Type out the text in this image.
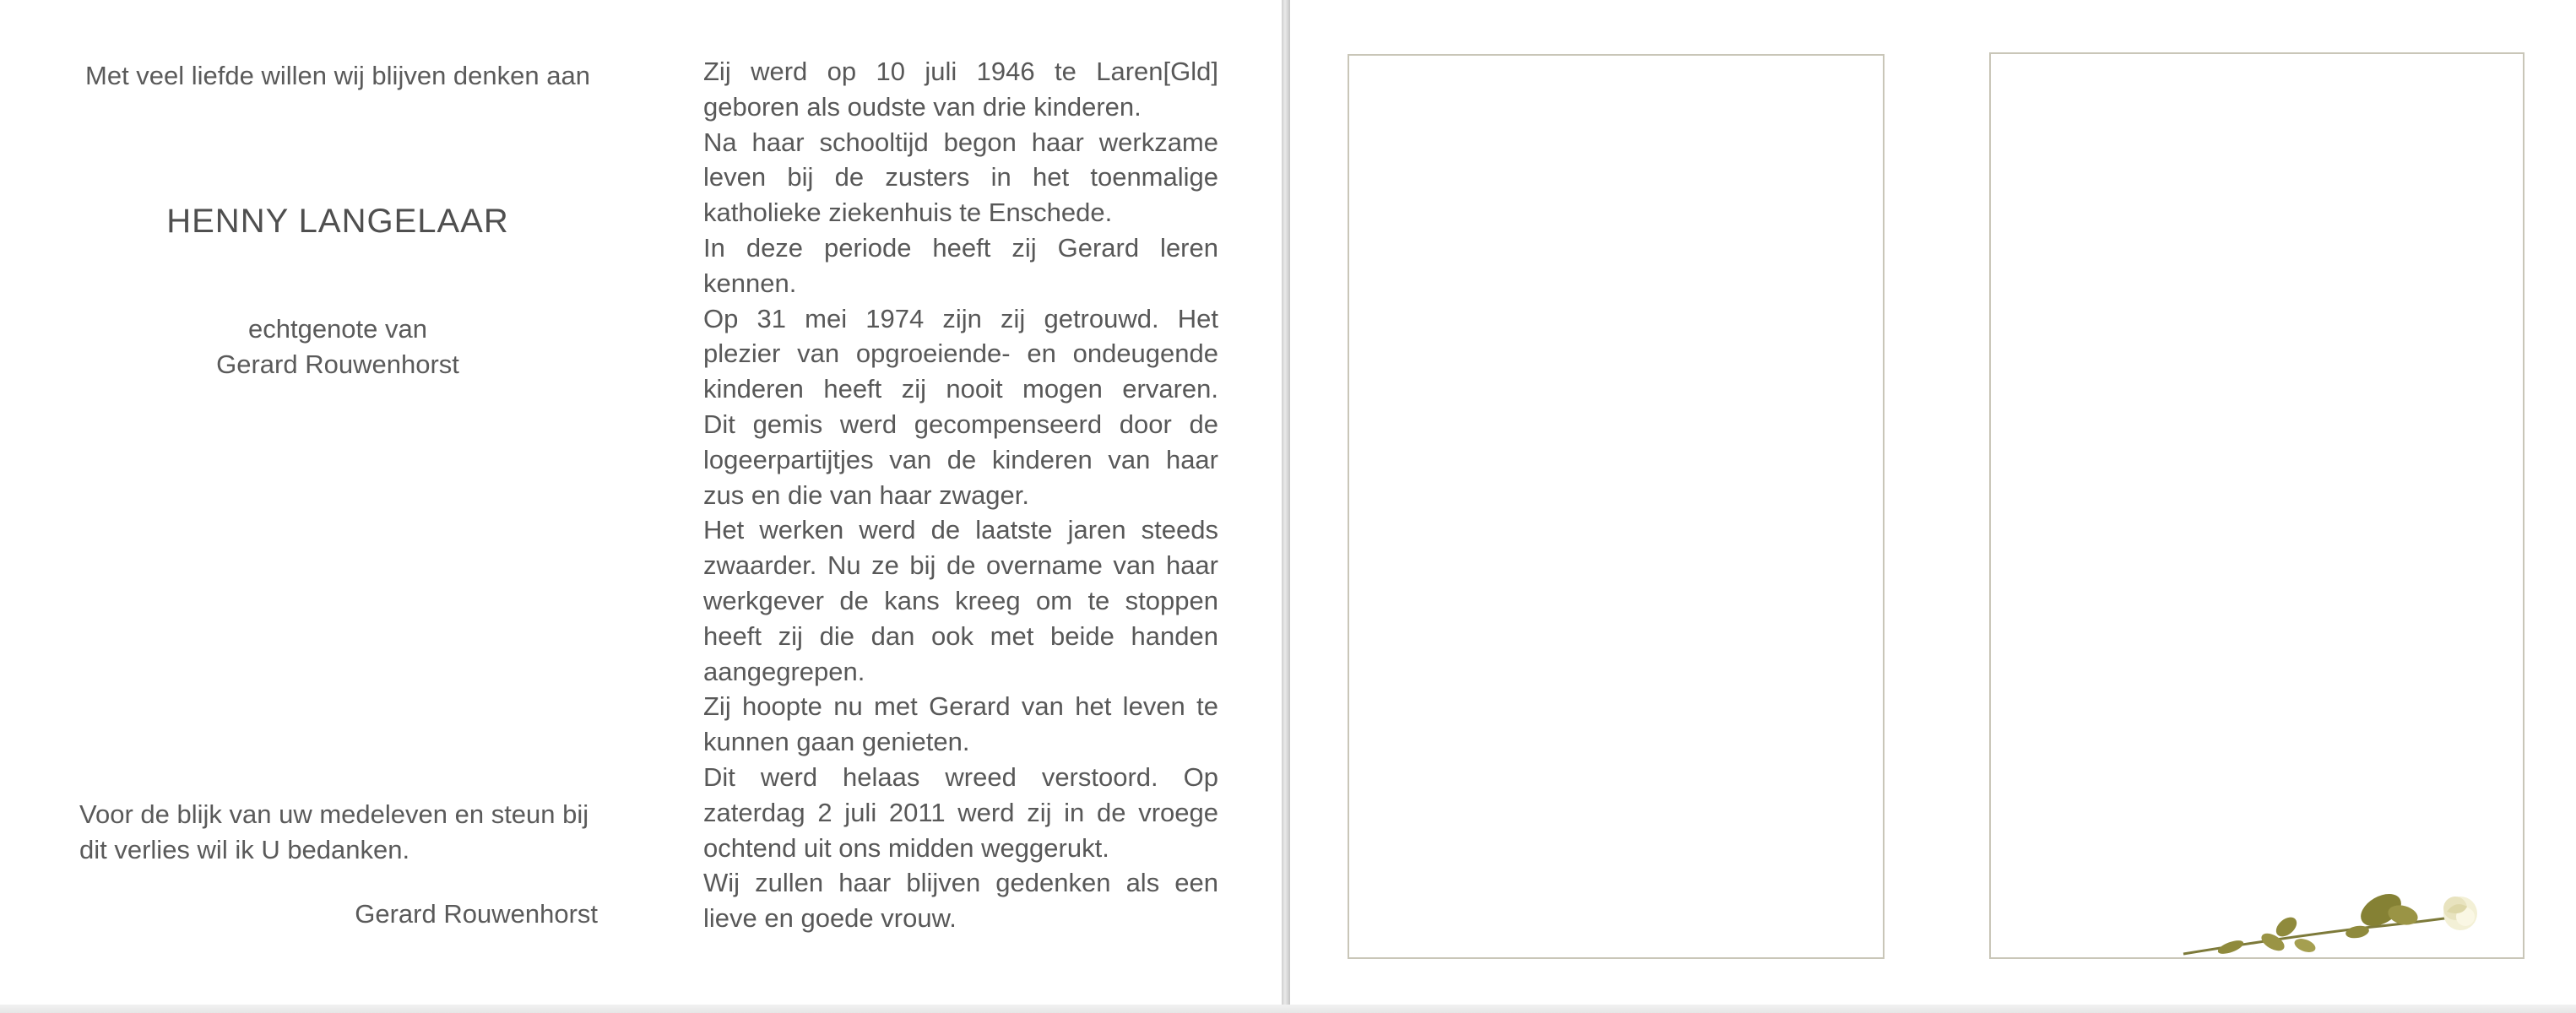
Met veel liefde willen wij blijven denken aan
HENNY LANGELAAR
echtgenote van
Gerard Rouwenhorst
Zij werd op 10 juli 1946 te Laren[Gld]
geboren als oudste van drie kinderen.
Na haar schooltijd begon haar werkzame
leven bij de zusters in het toenmalige
katholieke ziekenhuis te Enschede.
In deze periode heeft zij Gerard leren
kennen.
Op 31 mei 1974 zijn zij getrouwd. Het
plezier van opgroeiende- en ondeugende
kinderen heeft zij nooit mogen ervaren.
Dit gemis werd gecompenseerd door de
logeerpartijtjes van de kinderen van haar
zus en die van haar zwager.
Het werken werd de laatste jaren steeds
zwaarder. Nu ze bij de overname van haar
werkgever de kans kreeg om te stoppen
heeft zij die dan ook met beide handen
aangegrepen.
Zij hoopte nu met Gerard van het leven te
kunnen gaan genieten.
Dit werd helaas wreed verstoord. Op
zaterdag 2 juli 2011 werd zij in de vroege
ochtend uit ons midden weggerukt.
Wij zullen haar blijven gedenken als een
lieve en goede vrouw.
Voor de blijk van uw medeleven en steun bij dit verlies wil ik U bedanken.
Gerard Rouwenhorst
